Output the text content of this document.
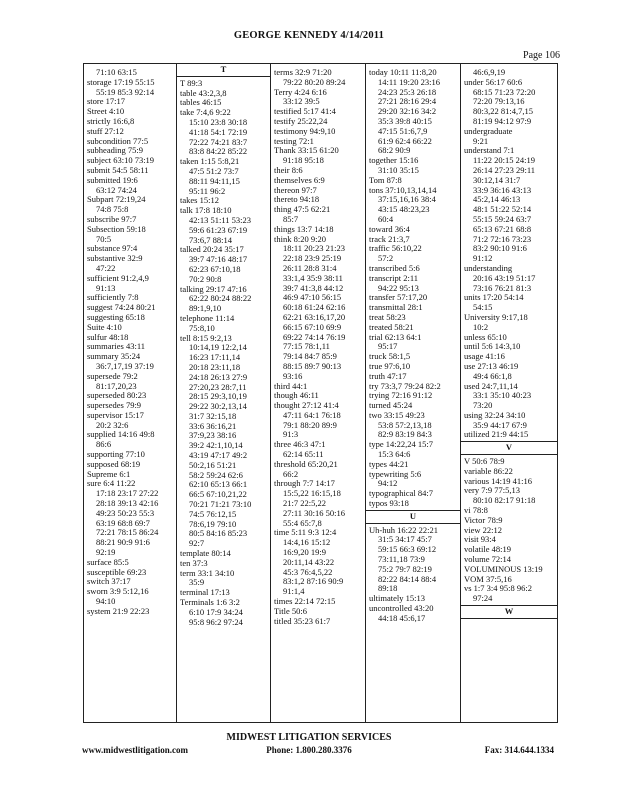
GEORGE KENNEDY 4/14/2011
Page 106
71:10 63:15
storage 17:19 55:15
55:19 85:3 92:14
store 17:17
Street 4:10
strictly 16:6,8
stuff 27:12
subcondition 77:5
subheading 75:9
subject 63:10 73:19
submit 54:5 58:11
submitted 19:6
63:12 74:24
Subpart 72:19,24
74:8 75:8
subscribe 97:7
Subsection 59:18
70:5
substance 97:4
substantive 32:9
47:22
sufficient 91:2,4,9
91:13
sufficiently 7:8
suggest 74:24 80:21
suggesting 65:18
Suite 4:10
sulfur 48:18
summaries 43:11
summary 35:24
36:7,17,19 37:19
supersede 79:2
81:17,20,23
superseded 80:23
supersedes 79:9
supervisor 15:17
20:2 32:6
supplied 14:16 49:8
86:6
supporting 77:10
supposed 68:19
Supreme 6:1
sure 6:4 11:22
17:18 23:17 27:22
28:18 39:13 42:16
49:23 50:23 55:3
63:19 68:8 69:7
72:21 78:15 86:24
88:21 90:9 91:6
92:19
surface 85:5
susceptible 69:23
switch 37:17
sworn 3:9 5:12,16
94:10
system 21:9 22:23
T
T 89:3
table 43:2,3,8
tables 46:15
take 7:4,6 9:22
15:10 23:8 30:18
41:18 54:1 72:19
72:22 74:21 83:7
83:8 84:22 85:22
taken 1:15 5:8,21
47:5 51:2 73:7
88:11 94:11,15
95:11 96:2
takes 15:12
talk 17:8 18:10
42:13 51:11 53:23
59:6 61:23 67:19
73:6,7 88:14
talked 20:24 35:17
39:7 47:16 48:17
62:23 67:10,18
70:2 90:8
talking 29:17 47:16
62:22 80:24 88:22
89:1,9,10
telephone 11:14
75:8,10
tell 8:15 9:2,13
10:14,19 12:2,14
16:23 17:11,14
20:18 23:11,18
24:18 26:13 27:9
27:20,23 28:7,11
28:15 29:3,10,19
29:22 30:2,13,14
31:7 32:15,18
33:6 36:16,21
37:9,23 38:16
39:2 42:1,10,14
43:19 47:17 49:2
50:2,16 51:21
58:2 59:24 62:6
62:10 65:13 66:1
66:5 67:10,21,22
70:21 71:21 73:10
74:5 76:12,15
78:6,19 79:10
80:5 84:16 85:23
92:7
template 80:14
ten 37:3
term 33:1 34:10
35:9
terminal 17:13
Terminals 1:6 3:2
6:10 17:9 34:24
95:8 96:2 97:24
terms 32:9 71:20
79:22 80:20 89:24
Terry 4:24 6:16
33:12 39:5
testified 5:17 41:4
testify 25:22,24
testimony 94:9,10
testing 72:1
Thank 33:15 61:20
91:18 95:18
their 8:6
themselves 6:9
thereon 97:7
thereto 94:18
thing 47:5 62:21
85:7
things 13:7 14:18
think 8:20 9:20
18:11 20:23 21:23
22:18 23:9 25:19
26:11 28:8 31:4
33:1,4 35:9 38:11
39:7 41:3,8 44:12
46:9 47:10 56:15
60:18 61:24 62:16
62:21 63:16,17,20
66:15 67:10 69:9
69:22 74:14 76:19
77:15 78:1,11
79:14 84:7 85:9
88:15 89:7 90:13
93:16
third 44:1
though 46:11
thought 27:12 41:4
47:11 64:1 76:18
79:1 88:20 89:9
91:3
three 46:3 47:1
62:14 65:11
threshold 65:20,21
66:2
through 7:7 14:17
15:5,22 16:15,18
21:7 22:5,22
27:11 30:16 50:16
55:4 65:7,8
time 5:11 9:3 12:4
14:4,16 15:12
16:9,20 19:9
20:11,14 43:22
45:3 76:4,5,22
83:1,2 87:16 90:9
91:1,4
times 22:14 72:15
Title 50:6
titled 35:23 61:7
today 10:11 11:8,20
14:11 19:20 23:16
24:23 25:3 26:18
27:21 28:16 29:4
29:20 32:16 34:2
35:3 39:8 40:15
47:15 51:6,7,9
61:9 62:4 66:22
68:2 90:9
together 15:16
31:10 35:15
Tom 87:8
tons 37:10,13,14,14
37:15,16,16 38:4
43:15 48:23,23
60:4
toward 36:4
track 21:3,7
traffic 56:10,22
57:2
transcribed 5:6
transcript 2:11
94:22 95:13
transfer 57:17,20
transmittal 28:1
treat 58:23
treated 58:21
trial 62:13 64:1
95:17
truck 58:1,5
true 97:6,10
truth 47:17
try 73:3,7 79:24 82:2
trying 72:16 91:12
turned 45:24
two 33:15 49:23
53:8 57:2,13,18
82:9 83:19 84:3
type 14:22,24 15:7
15:3 64:6
types 44:21
typewriting 5:6
94:12
typographical 84:7
typos 93:18
U
Uh-huh 16:22 22:21
31:5 34:17 45:7
59:15 66:3 69:12
73:11,18 73:9
75:2 79:7 82:19
82:22 84:14 88:4
89:18
ultimately 15:13
uncontrolled 43:20
44:18 45:6,17
46:6,9,19
under 56:17 60:6
68:15 71:23 72:20
72:20 79:13,16
80:3,22 81:4,7,15
81:19 94:12 97:9
undergraduate
9:21
understand 7:1
11:22 20:15 24:19
26:14 27:23 29:11
30:12,14 31:7
33:9 36:16 43:13
45:2,14 46:13
48:1 51:22 52:14
55:15 59:24 63:7
65:13 67:21 68:8
71:2 72:16 73:23
83:2 90:10 91:6
91:12
understanding
20:16 43:19 51:17
73:16 76:21 81:3
units 17:20 54:14
54:15
University 9:17,18
10:2
unless 65:10
until 5:6 14:3,10
usage 41:16
use 27:13 46:19
49:4 66:1,8
used 24:7,11,14
33:1 35:10 40:23
73:20
using 32:24 34:10
35:9 44:17 67:9
utilized 21:9 44:15
V
V 50:6 78:9
variable 86:22
various 14:19 41:16
very 7:9 77:5,13
80:10 82:17 91:18
vi 78:8
Victor 78:9
view 22:12
visit 93:4
volatile 48:19
volume 72:14
VOLUMINOUS 13:19
VOM 37:5,16
vs 1:7 3:4 95:8 96:2
97:24
W
MIDWEST LITIGATION SERVICES
www.midwestlitigation.com	Phone: 1.800.280.3376	Fax: 314.644.1334
